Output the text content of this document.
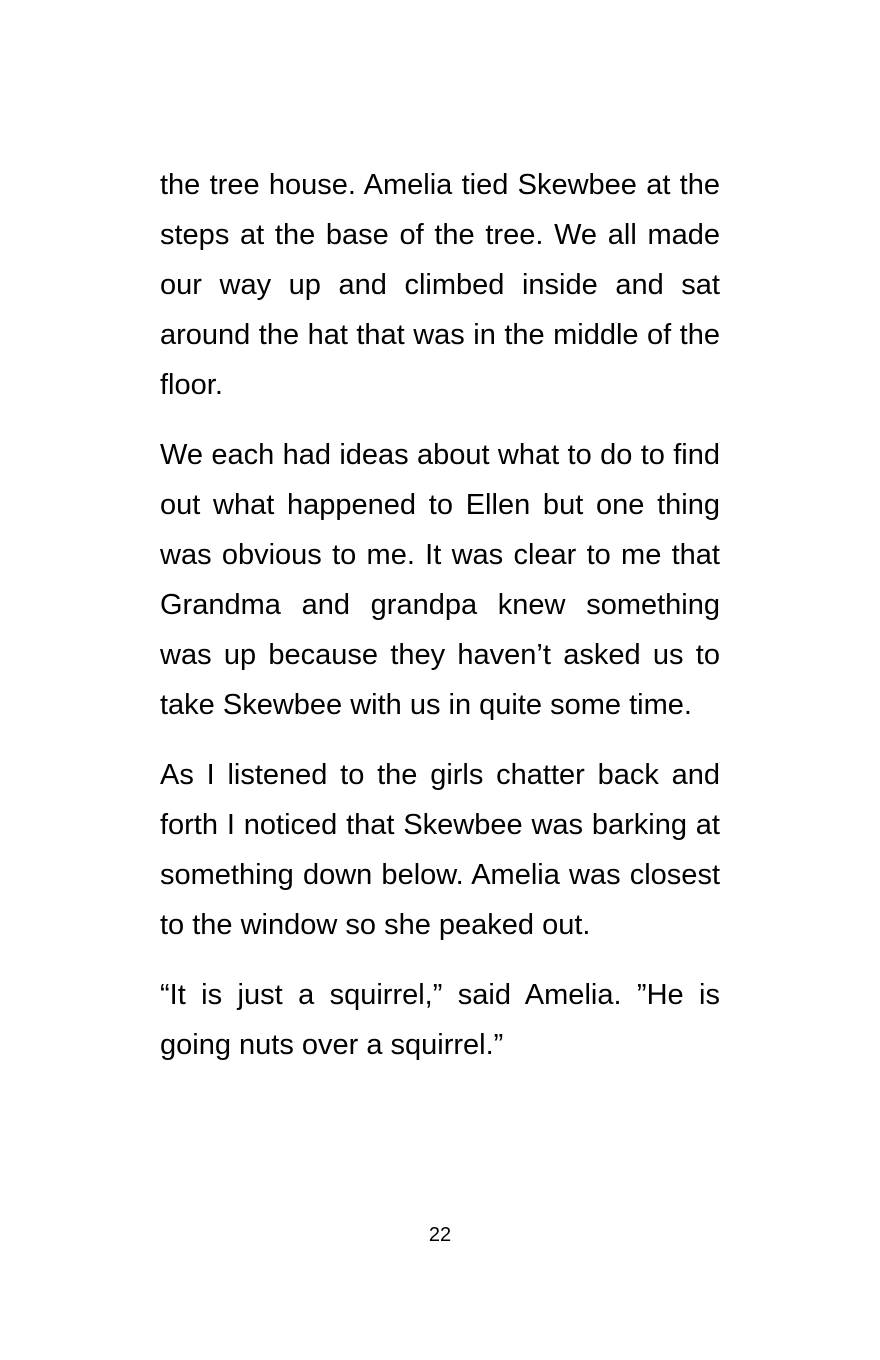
the tree house. Amelia tied Skewbee at the steps at the base of the tree. We all made our way up and climbed inside and sat around the hat that was in the middle of the floor.

We each had ideas about what to do to find out what happened to Ellen but one thing was obvious to me. It was clear to me that Grandma and grandpa knew something was up because they haven’t asked us to take Skewbee with us in quite some time.

As I listened to the girls chatter back and forth I noticed that Skewbee was barking at something down below. Amelia was closest to the window so she peaked out.

“It is just a squirrel,” said Amelia. ”He is going nuts over a squirrel.”

22
